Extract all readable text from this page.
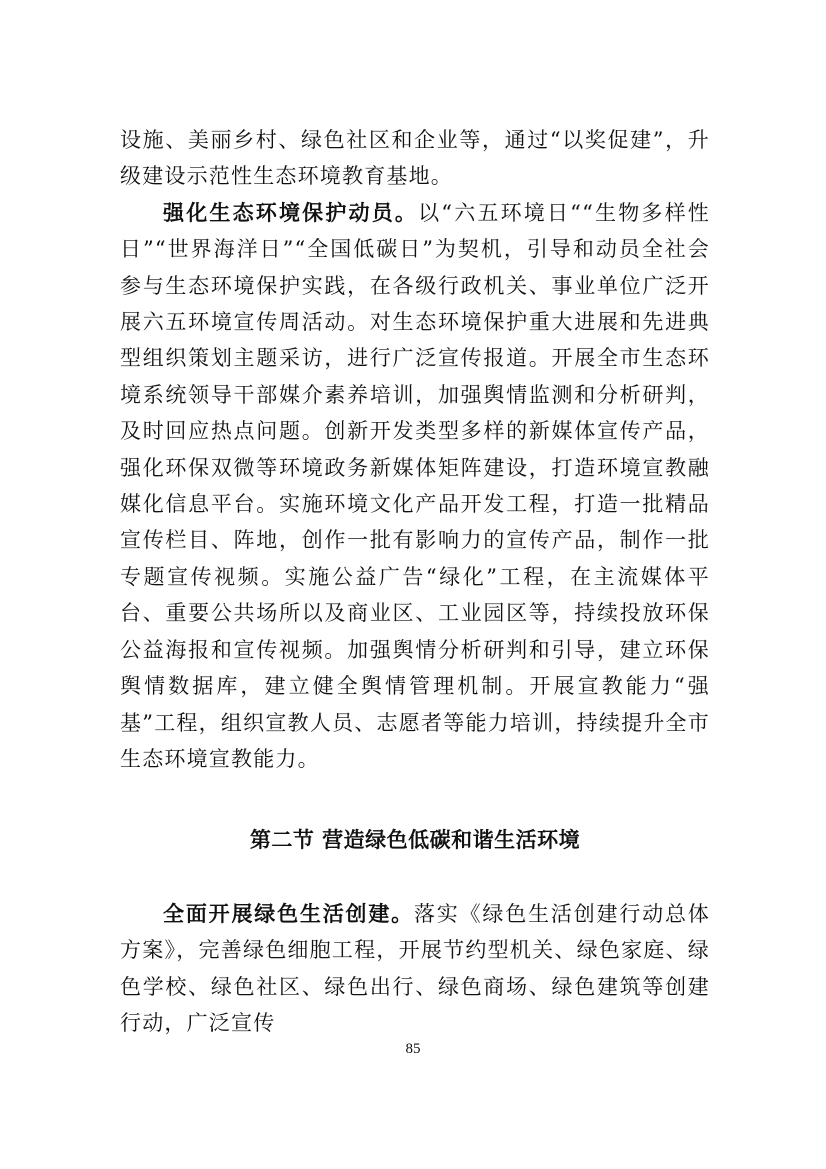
设施、美丽乡村、绿色社区和企业等，通过“以奖促建”，升级建设示范性生态环境教育基地。

强化生态环境保护动员。以“六五环境日““生物多样性日”“世界海洋日”“全国低碳日”为契机，引导和动员全社会参与生态环境保护实践，在各级行政机关、事业单位广泛开展六五环境宣传周活动。对生态环境保护重大进展和先进典型组织策划主题采访，进行广泛宣传报道。开展全市生态环境系统领导干部媒介素养培训，加强舆情监测和分析研判，及时回应热点问题。创新开发类型多样的新媒体宣传产品，强化环保双微等环境政务新媒体矩阵建设，打造环境宣教融媒化信息平台。实施环境文化产品开发工程，打造一批精品宣传栏目、阵地，创作一批有影响力的宣传产品，制作一批专题宣传视频。实施公益广告“绿化”工程，在主流媒体平台、重要公共场所以及商业区、工业园区等，持续投放环保公益海报和宣传视频。加强舆情分析研判和引导，建立环保舆情数据库，建立健全舆情管理机制。开展宣教能力“强基”工程，组织宣教人员、志愿者等能力培训，持续提升全市生态环境宣教能力。

第二节 营造绿色低碳和谐生活环境

全面开展绿色生活创建。落实《绿色生活创建行动总体方案》，完善绿色细胞工程，开展节约型机关、绿色家庭、绿色学校、绿色社区、绿色出行、绿色商场、绿色建筑等创建行动，广泛宣传

85
